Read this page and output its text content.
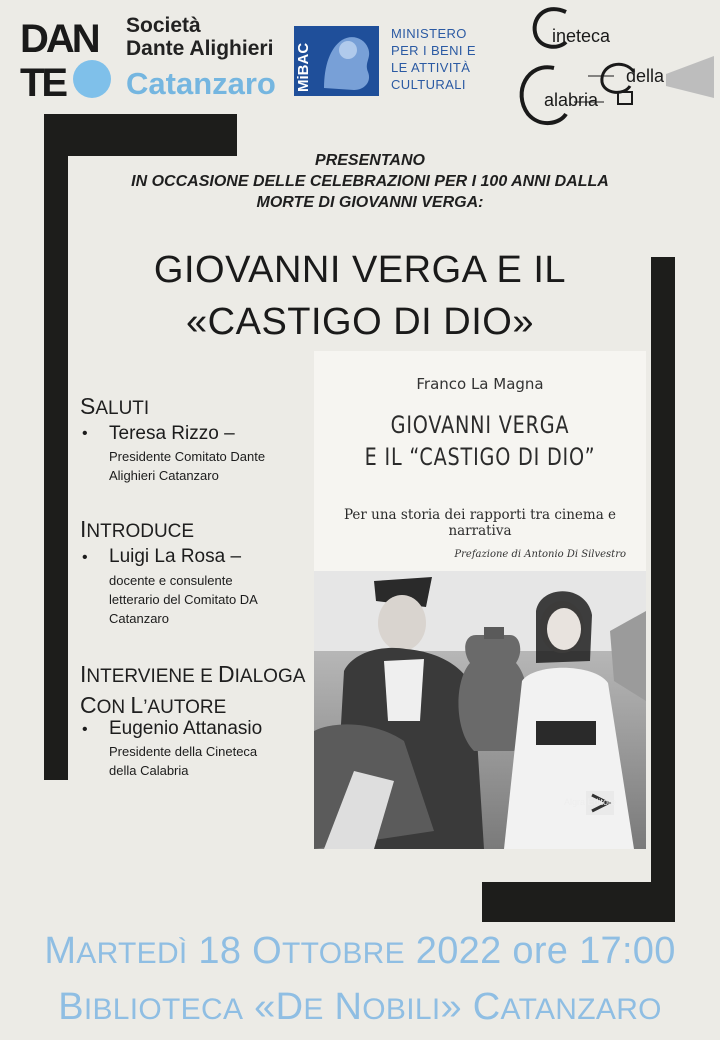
DAN
TE
Società
Dante Alighieri
Catanzaro MiBAC
MINISTERO
PER I BENI E
LE ATTIVITÀ
CULTURALI
ineteca
della
alabria
PRESENTANO
IN OCCASIONE DELLE CELEBRAZIONI PER I 100 ANNI DALLA
MORTE DI GIOVANNI VERGA:
GIOVANNI VERGA E IL
«CASTIGO DI DIO»
SALUTI
• Teresa Rizzo –
Presidente Comitato Dante
Alighieri Catanzaro
INTRODUCE
• Luigi La Rosa –
docente e consulente
letterario del Comitato DA
Catanzaro
INTERVIENE E DIALOGA
CON L’AUTORE
• Eugenio Attanasio
Presidente della Cineteca
della Calabria
Franco La Magna
GIOVANNI VERGA
E IL “CASTIGO DI DIO”
Per una storia dei rapporti tra cinema e narrativa
Prefazione di Antonio Di Silvestro
Algra Editore
MARTEDÌ 18 OTTOBRE 2022 ore 17:00
BIBLIOTECA «DE NOBILI» CATANZARO
